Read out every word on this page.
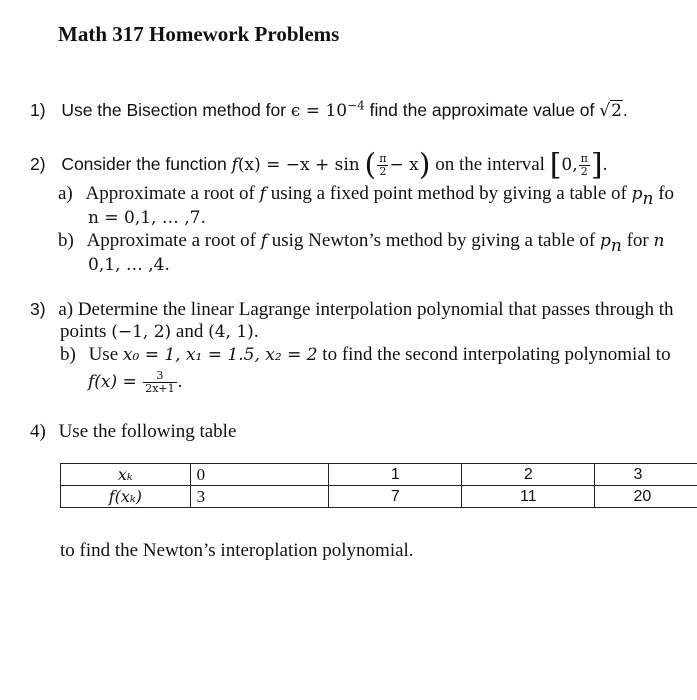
Math 317 Homework Problems
1) Use the Bisection method for $\epsilon = 10^{-4}$ find the approximate value of √2.
2) Consider the function f(x) = −x + sin ( $\frac{\pi}{2} - x$) on the interval [0, $\frac{\pi}{2}$ ].
a) Approximate a root of f using a fixed point method by giving a table of $p_n$ fo
n = 0,1, … ,7.
b) Approximate a root of f usig Newton’s method by giving a table of $p_n$ for n
0,1, … ,4.
3) a) Determine the linear Lagrange interpolation polynomial that passes through th
points (−1, 2) and (4, 1).
b) Use x₀ = 1, x₁ = 1.5, x₂ = 2 to find the second interpolating polynomial to
$f(x) = \frac{3}{2x+1}$ .
4) Use the following table
xₖ	0	1	2	3
f(xₖ)	3	7	11	20
to find the Newton’s interoplation polynomial.
